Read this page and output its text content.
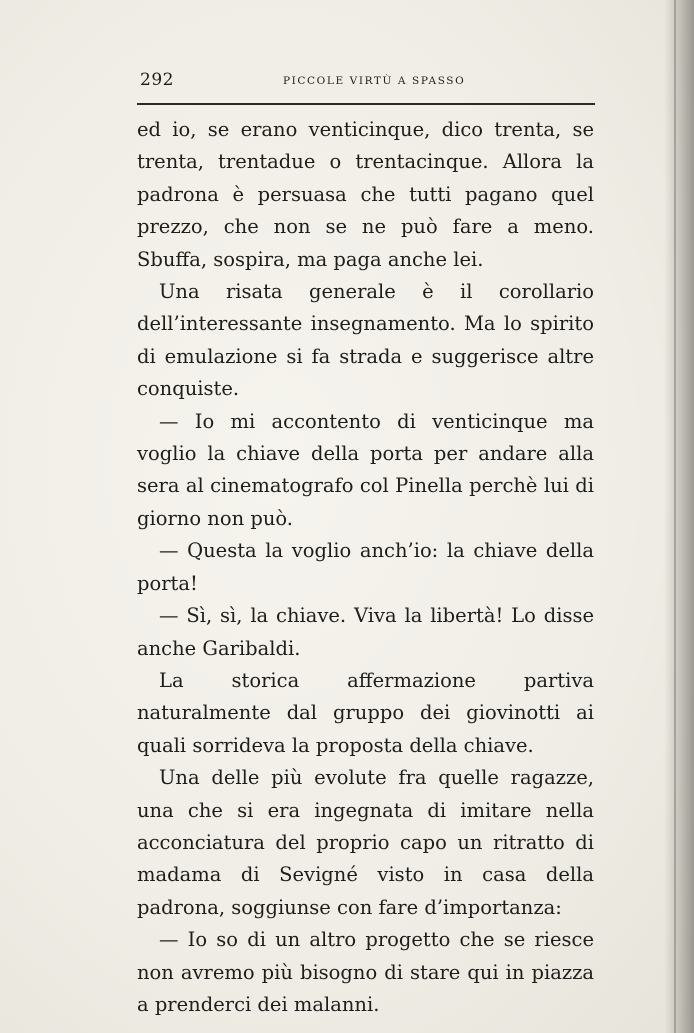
292	PICCOLE VIRTÙ A SPASSO

ed io, se erano venticinque, dico trenta, se trenta, trentadue o trentacinque. Allora la padrona è persuasa che tutti pagano quel prezzo, che non se ne può fare a meno. Sbuffa, sospira, ma paga anche lei.

Una risata generale è il corollario dell’interessante insegnamento. Ma lo spirito di emulazione si fa strada e suggerisce altre conquiste.

— Io mi accontento di venticinque ma voglio la chiave della porta per andare alla sera al cinematografo col Pinella perchè lui di giorno non può.

— Questa la voglio anch’io: la chiave della porta!

— Sì, sì, la chiave. Viva la libertà! Lo disse anche Garibaldi.

La storica affermazione partiva naturalmente dal gruppo dei giovinotti ai quali sorrideva la proposta della chiave.

Una delle più evolute fra quelle ragazze, una che si era ingegnata di imitare nella acconciatura del proprio capo un ritratto di madama di Sevigné visto in casa della padrona, soggiunse con fare d’importanza:

— Io so di un altro progetto che se riesce non avremo più bisogno di stare qui in piazza a prenderci dei malanni.
